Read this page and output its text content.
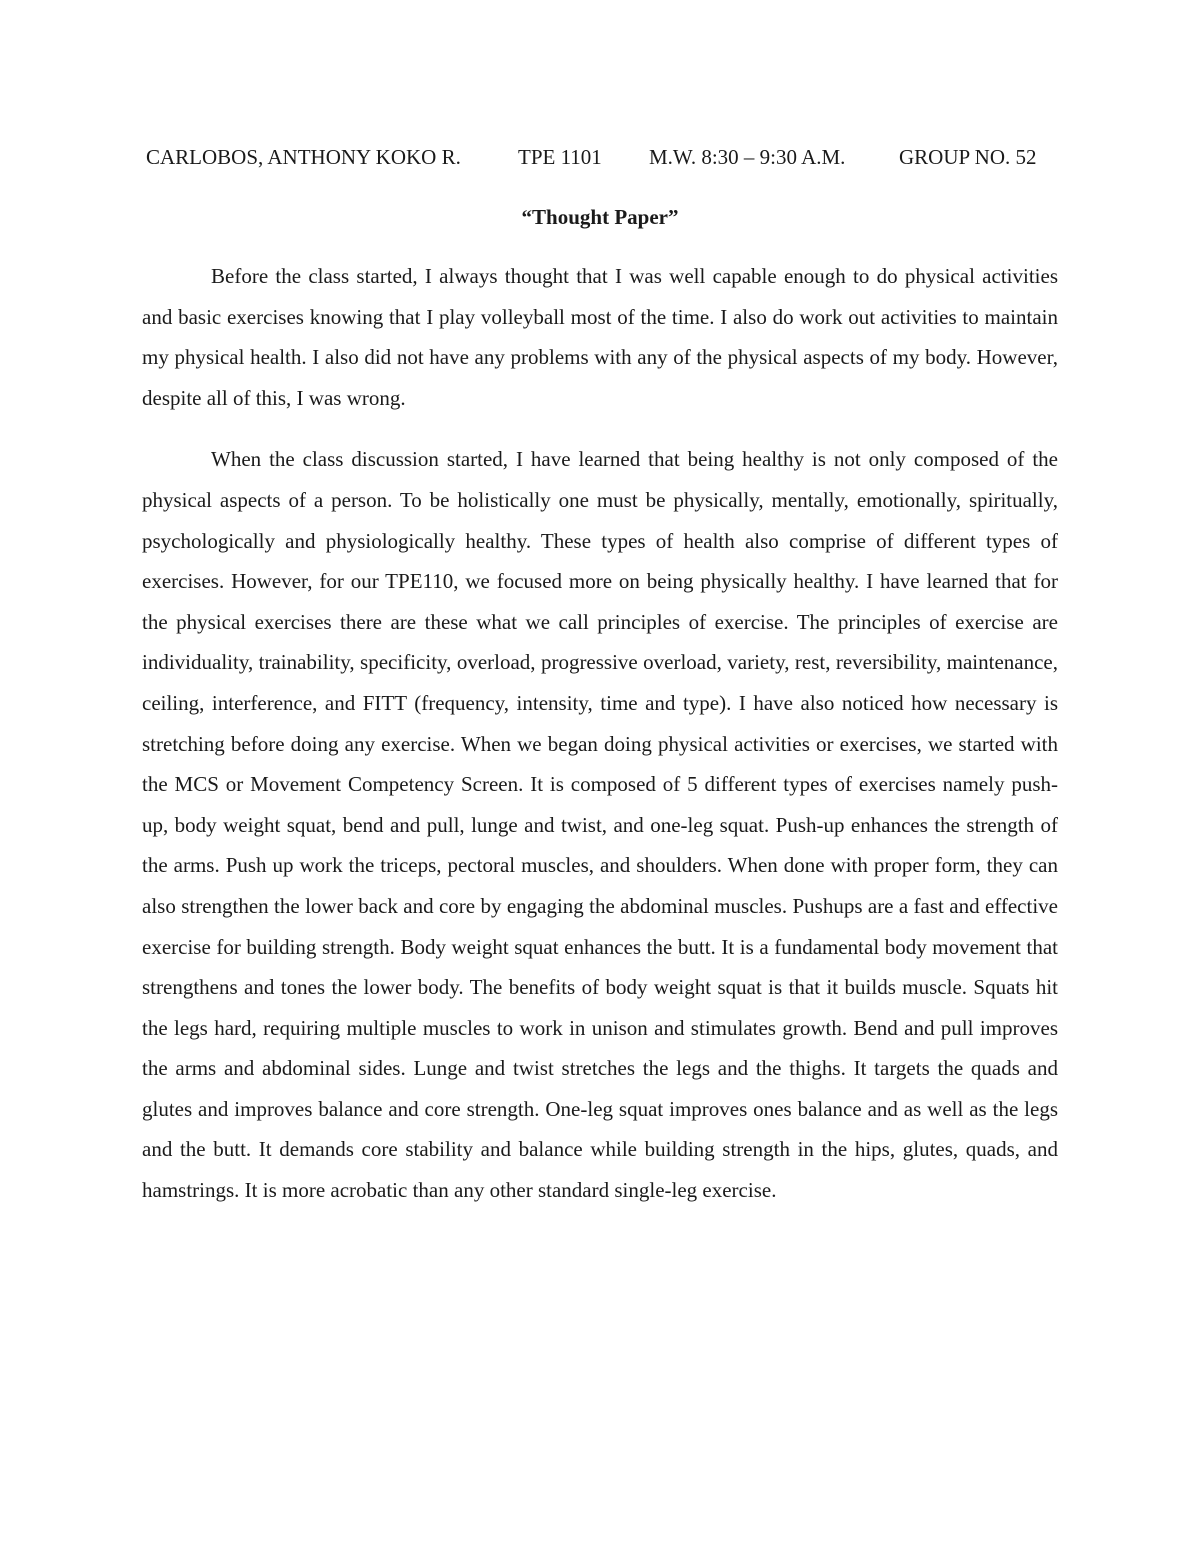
CARLOBOS, ANTHONY KOKO R.	TPE 1101	M.W. 8:30 – 9:30 A.M.	GROUP NO. 52
“Thought Paper”

Before the class started, I always thought that I was well capable enough to do physical activities and basic exercises knowing that I play volleyball most of the time. I also do work out activities to maintain my physical health. I also did not have any problems with any of the physical aspects of my body. However, despite all of this, I was wrong.

When the class discussion started, I have learned that being healthy is not only composed of the physical aspects of a person. To be holistically one must be physically, mentally, emotionally, spiritually, psychologically and physiologically healthy. These types of health also comprise of different types of exercises. However, for our TPE110, we focused more on being physically healthy. I have learned that for the physical exercises there are these what we call principles of exercise. The principles of exercise are individuality, trainability, specificity, overload, progressive overload, variety, rest, reversibility, maintenance, ceiling, interference, and FITT (frequency, intensity, time and type). I have also noticed how necessary is stretching before doing any exercise. When we began doing physical activities or exercises, we started with the MCS or Movement Competency Screen. It is composed of 5 different types of exercises namely push-up, body weight squat, bend and pull, lunge and twist, and one-leg squat. Push-up enhances the strength of the arms. Push up work the triceps, pectoral muscles, and shoulders. When done with proper form, they can also strengthen the lower back and core by engaging the abdominal muscles. Pushups are a fast and effective exercise for building strength. Body weight squat enhances the butt. It is a fundamental body movement that strengthens and tones the lower body. The benefits of body weight squat is that it builds muscle. Squats hit the legs hard, requiring multiple muscles to work in unison and stimulates growth. Bend and pull improves the arms and abdominal sides. Lunge and twist stretches the legs and the thighs. It targets the quads and glutes and improves balance and core strength. One-leg squat improves ones balance and as well as the legs and the butt. It demands core stability and balance while building strength in the hips, glutes, quads, and hamstrings. It is more acrobatic than any other standard single-leg exercise.
